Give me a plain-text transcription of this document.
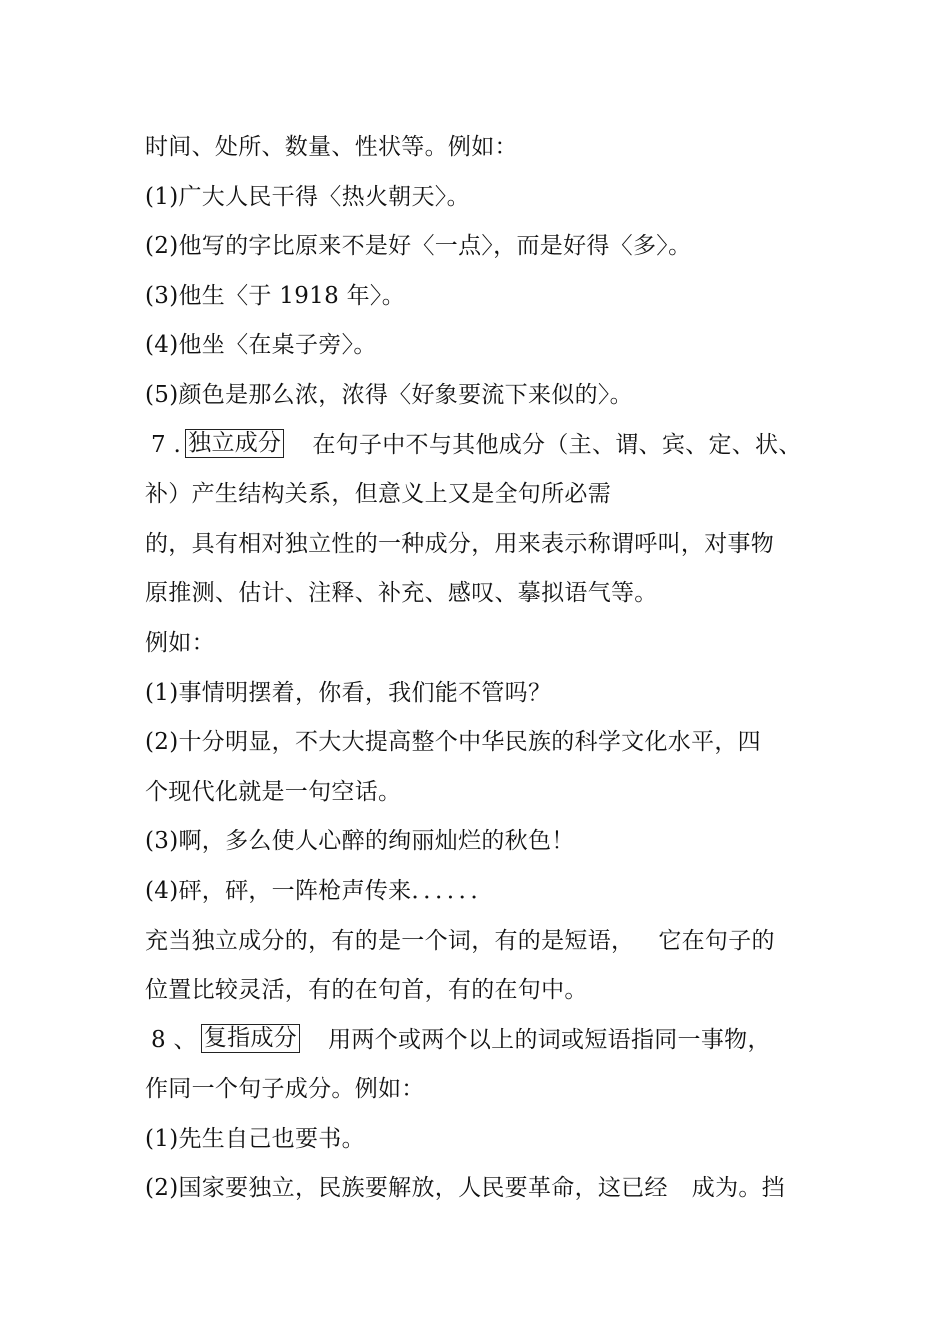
时间、处所、数量、性状等。例如：
(1)广大人民干得〈热火朝天〉。
(2)他写的字比原来不是好〈一点〉，而是好得〈多〉。
(3)他生〈于 1918 年〉。
(4)他坐〈在桌子旁〉。
(5)颜色是那么浓，浓得〈好象要流下来似的〉。
7 . 独立成分 在句子中不与其他成分（主、谓、宾、定、状、
补）产生结构关系，但意义上又是全句所必需
的，具有相对独立性的一种成分，用来表示称谓呼叫，对事物
原推测、估计、注释、补充、感叹、摹拟语气等。
例如：
(1)事情明摆着，你看，我们能不管吗？
(2)十分明显，不大大提高整个中华民族的科学文化水平，四
个现代化就是一句空话。
(3)啊，多么使人心醉的绚丽灿烂的秋色！
(4)砰，砰，一阵枪声传来．．．．．．
充当独立成分的，有的是一个词，有的是短语， 它在句子的
位置比较灵活，有的在句首，有的在句中。
8 、 复指成分 用两个或两个以上的词或短语指同一事物，
作同一个句子成分。例如：
(1)先生自己也要书。
(2)国家要独立，民族要解放，人民要革命，这已经 成为。挡
